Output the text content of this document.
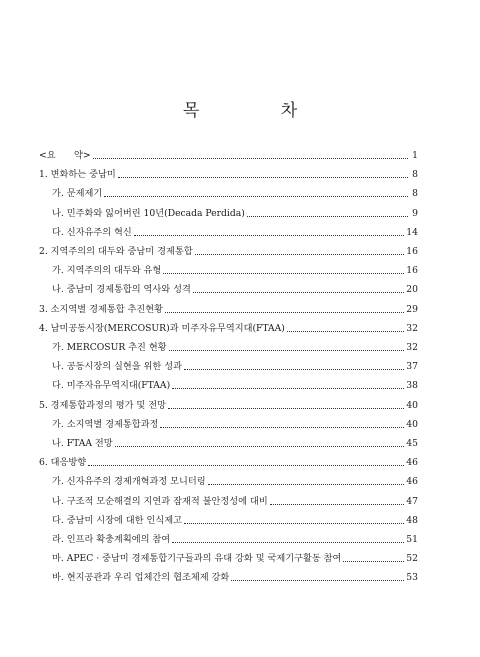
목 차
<요　　약>	1
1. 변화하는 중남미	8
가. 문제제기	8
나. 민주화와 잃어버린 10년(Decada Perdida)	9
다. 신자유주의 혁신	14
2. 지역주의의 대두와 중남미 경제통합	16
가. 지역주의의 대두와 유형	16
나. 중남미 경제통합의 역사와 성격	20
3. 소지역별 경제통합 추진현황	29
4. 남미공동시장(MERCOSUR)과 미주자유무역지대(FTAA)	32
가. MERCOSUR 추진 현황	32
나. 공동시장의 실현을 위한 성과	37
다. 미주자유무역지대(FTAA)	38
5. 경제통합과정의 평가 및 전망	40
가. 소지역별 경제통합과정	40
나. FTAA 전망	45
6. 대응방향	46
가. 신자유주의 경제개혁과정 모니터링	46
나. 구조적 모순해결의 지연과 잠재적 불안정성에 대비	47
다. 중남미 시장에 대한 인식제고	48
라. 인프라 확충계획에의 참여	51
마. APEC · 중남미 경제통합기구들과의 유대 강화 및 국제기구활동 참여	52
바. 현지공관과 우리 업체간의 협조체제 강화	53
